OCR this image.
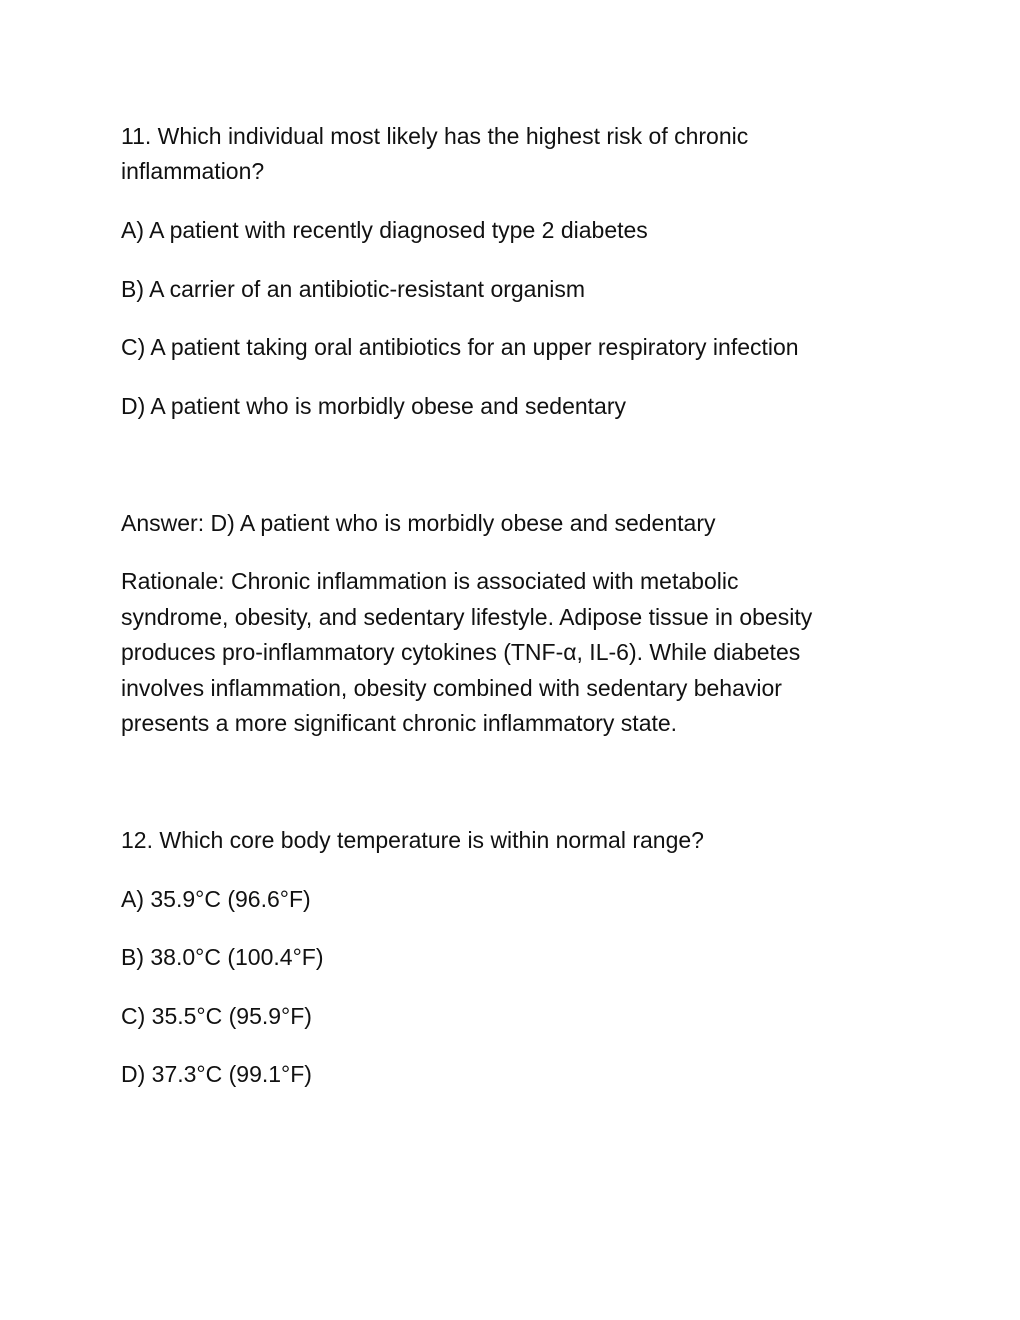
11. Which individual most likely has the highest risk of chronic
inflammation?
A) A patient with recently diagnosed type 2 diabetes
B) A carrier of an antibiotic-resistant organism
C) A patient taking oral antibiotics for an upper respiratory infection
D) A patient who is morbidly obese and sedentary
Answer: D) A patient who is morbidly obese and sedentary
Rationale: Chronic inflammation is associated with metabolic
syndrome, obesity, and sedentary lifestyle. Adipose tissue in obesity
produces pro-inflammatory cytokines (TNF-α, IL-6). While diabetes
involves inflammation, obesity combined with sedentary behavior
presents a more significant chronic inflammatory state.
12. Which core body temperature is within normal range?
A) 35.9°C (96.6°F)
B) 38.0°C (100.4°F)
C) 35.5°C (95.9°F)
D) 37.3°C (99.1°F)
